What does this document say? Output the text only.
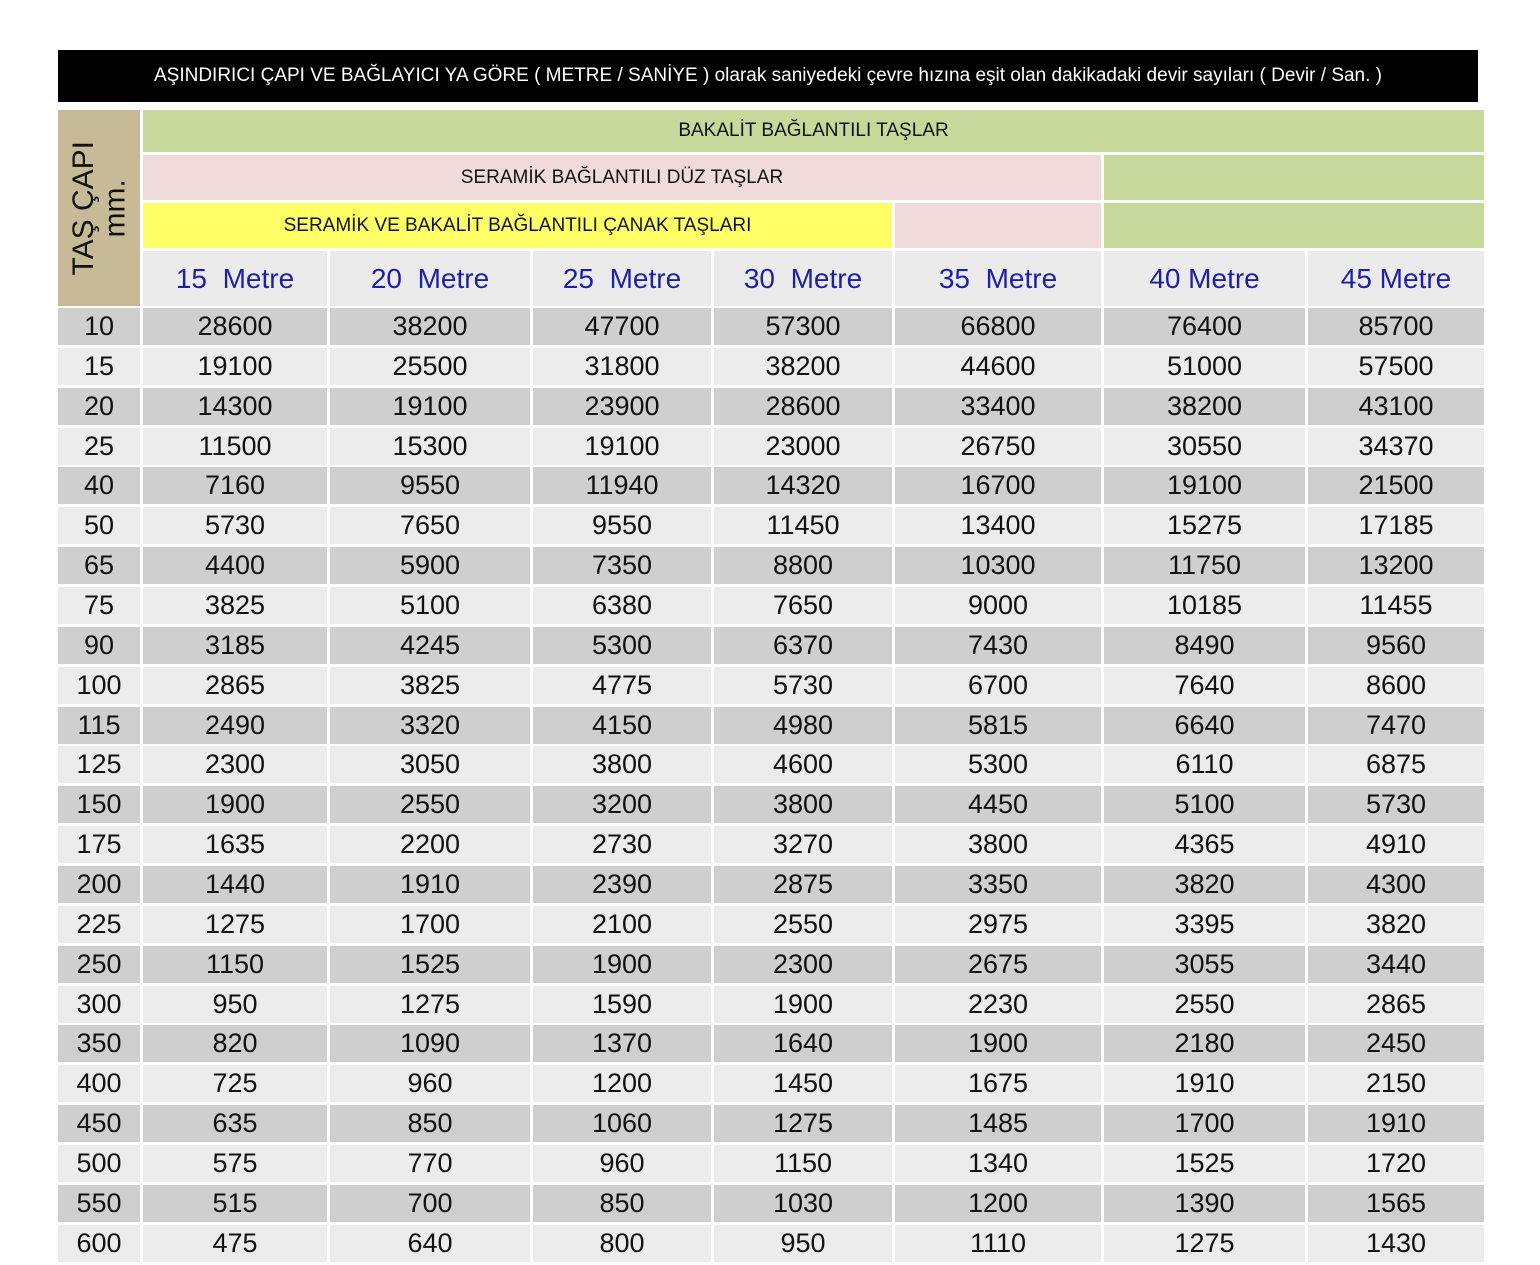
AŞINDIRICI ÇAPI VE BAĞLAYICI YA GÖRE ( METRE / SANİYE ) olarak saniyedeki çevre hızına eşit olan dakikadaki devir sayıları ( Devir / San. )
TAŞ ÇAPI
mm.
BAKALİT BAĞLANTILI TAŞLAR
SERAMİK BAĞLANTILI DÜZ TAŞLAR
SERAMİK VE BAKALİT BAĞLANTILI ÇANAK TAŞLARI
15  Metre	20  Metre	25  Metre	30  Metre	35  Metre	40 Metre	45 Metre
10	28600	38200	47700	57300	66800	76400	85700
15	19100	25500	31800	38200	44600	51000	57500
20	14300	19100	23900	28600	33400	38200	43100
25	11500	15300	19100	23000	26750	30550	34370
40	7160	9550	11940	14320	16700	19100	21500
50	5730	7650	9550	11450	13400	15275	17185
65	4400	5900	7350	8800	10300	11750	13200
75	3825	5100	6380	7650	9000	10185	11455
90	3185	4245	5300	6370	7430	8490	9560
100	2865	3825	4775	5730	6700	7640	8600
115	2490	3320	4150	4980	5815	6640	7470
125	2300	3050	3800	4600	5300	6110	6875
150	1900	2550	3200	3800	4450	5100	5730
175	1635	2200	2730	3270	3800	4365	4910
200	1440	1910	2390	2875	3350	3820	4300
225	1275	1700	2100	2550	2975	3395	3820
250	1150	1525	1900	2300	2675	3055	3440
300	950	1275	1590	1900	2230	2550	2865
350	820	1090	1370	1640	1900	2180	2450
400	725	960	1200	1450	1675	1910	2150
450	635	850	1060	1275	1485	1700	1910
500	575	770	960	1150	1340	1525	1720
550	515	700	850	1030	1200	1390	1565
600	475	640	800	950	1110	1275	1430
